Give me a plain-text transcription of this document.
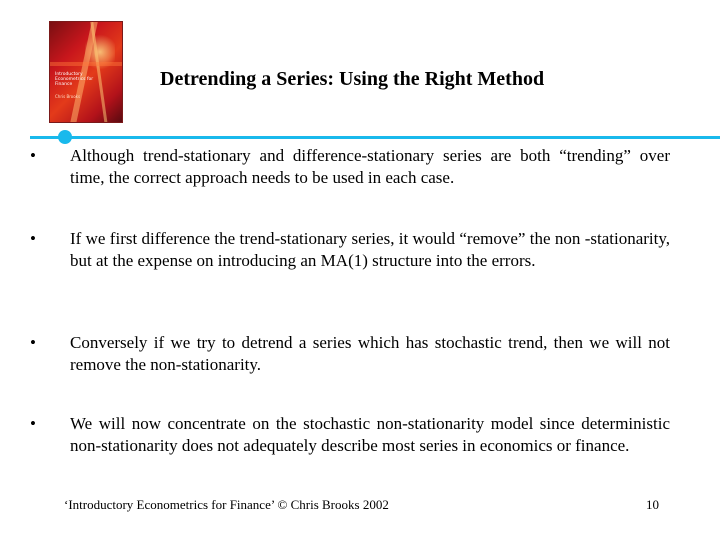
Introductory Econometrics for Finance
Chris Brooks
Detrending a Series: Using the Right Method
•	Although trend-stationary and difference-stationary series are both “trending” over time, the correct approach needs to be used in each case.
•	If we first difference the trend-stationary series, it would “remove” the non -stationarity, but at the expense on introducing an MA(1) structure into the errors.
•	Conversely if we try to detrend a series which has stochastic trend, then we will not remove the non-stationarity.
•	We will now concentrate on the stochastic non-stationarity model since deterministic non-stationarity does not adequately describe most series in economics or finance.
‘Introductory Econometrics for Finance’ © Chris Brooks 2002	10
